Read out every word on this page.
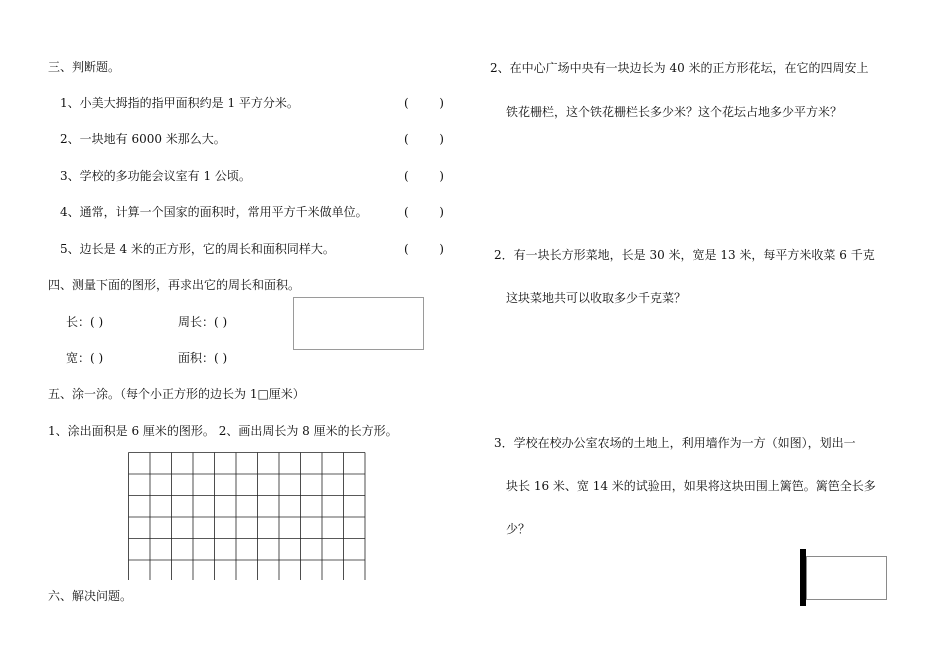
三、判断题。
1、小美大拇指的指甲面积约是 1 平方分米。	(        )
2、一块地有 6000 米那么大。	(        )
3、学校的多功能会议室有 1 公顷。	(        )
4、通常，计算一个国家的面积时，常用平方千米做单位。	(        )
5、边长是 4 米的正方形，它的周长和面积同样大。	(        )
四、测量下面的图形，再求出它的周长和面积。
长：( )	周长：( )
宽：( )	面积：( )
五、涂一涂。（每个小正方形的边长为 1□厘米）
1、涂出面积是 6 厘米的图形。 2、画出周长为 8 厘米的长方形。
六、解决问题。
2、在中心广场中央有一块边长为 40 米的正方形花坛，在它的四周安上
铁花栅栏，这个铁花栅栏长多少米？这个花坛占地多少平方米？
2．有一块长方形菜地，长是 30 米，宽是 13 米，每平方米收菜 6 千克
这块菜地共可以收取多少千克菜？
3．学校在校办公室农场的土地上，利用墙作为一方（如图），划出一
块长 16 米、宽 14 米的试验田，如果将这块田围上篱笆。篱笆全长多
少？
